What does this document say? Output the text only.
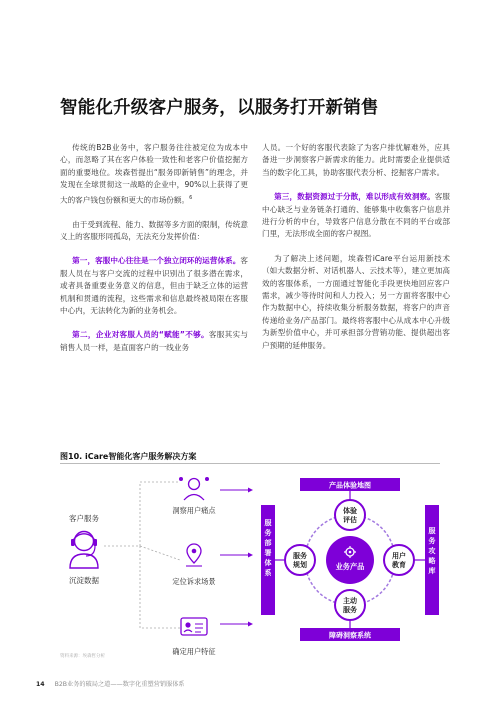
智能化升级客户服务，以服务打开新销售

传统的B2B业务中，客户服务往往被定位为成本中心，而忽略了其在客户体验一致性和老客户价值挖掘方面的重要地位。埃森哲提出“服务即新销售”的理念，并发现在全球贯彻这一战略的企业中，90%以上获得了更大的客户钱包份额和更大的市场份额。$^6$

由于受到流程、能力、数据等多方面的限制，传统意义上的客服形同孤岛，无法充分发挥价值：

第一，客服中心往往是一个独立闭环的运营体系。客服人员在与客户交流的过程中识别出了很多潜在需求，或者具备重要业务意义的信息，但由于缺乏立体的运营机制和贯通的流程，这些需求和信息最终被局限在客服中心内，无法转化为新的业务机会。

第二，企业对客服人员的“赋能”不够。客服其实与销售人员一样，是直面客户的一线业务

人员。一个好的客服代表除了为客户排忧解难外，应具备进一步洞察客户新需求的能力。此时需要企业提供适当的数字化工具，协助客服代表分析、挖掘客户需求。

第三，数据资源过于分散，难以形成有效洞察。客服中心缺乏与业务链条打通的、能够集中收集客户信息并进行分析的中台，导致客户信息分散在不同的平台或部门里，无法形成全面的客户视图。

为了解决上述问题，埃森哲iCare平台运用新技术（如大数据分析、对话机器人、云技术等），建立更加高效的客服体系，一方面通过智能化手段更快地回应客户需求，减少等待时间和人力投入；另一方面将客服中心作为数据中心，持续收集分析服务数据，将客户的声音传递给业务/产品部门。最终将客服中心从成本中心升级为新型价值中心，并可承担部分营销功能、提供超出客户预期的延伸服务。

图10. iCare智能化客户服务解决方案
客户服务
沉淀数据
洞察用户痛点
定位诉求场景
确定用户特征
产品体验地图
障碍洞察系统
服务部署体系
服务攻略库
业务产品
体验
评估
服务
规划
用户
教育
主动
服务
资料来源：埃森哲分析
14 B2B业务的破局之道——数字化重塑营销服体系
